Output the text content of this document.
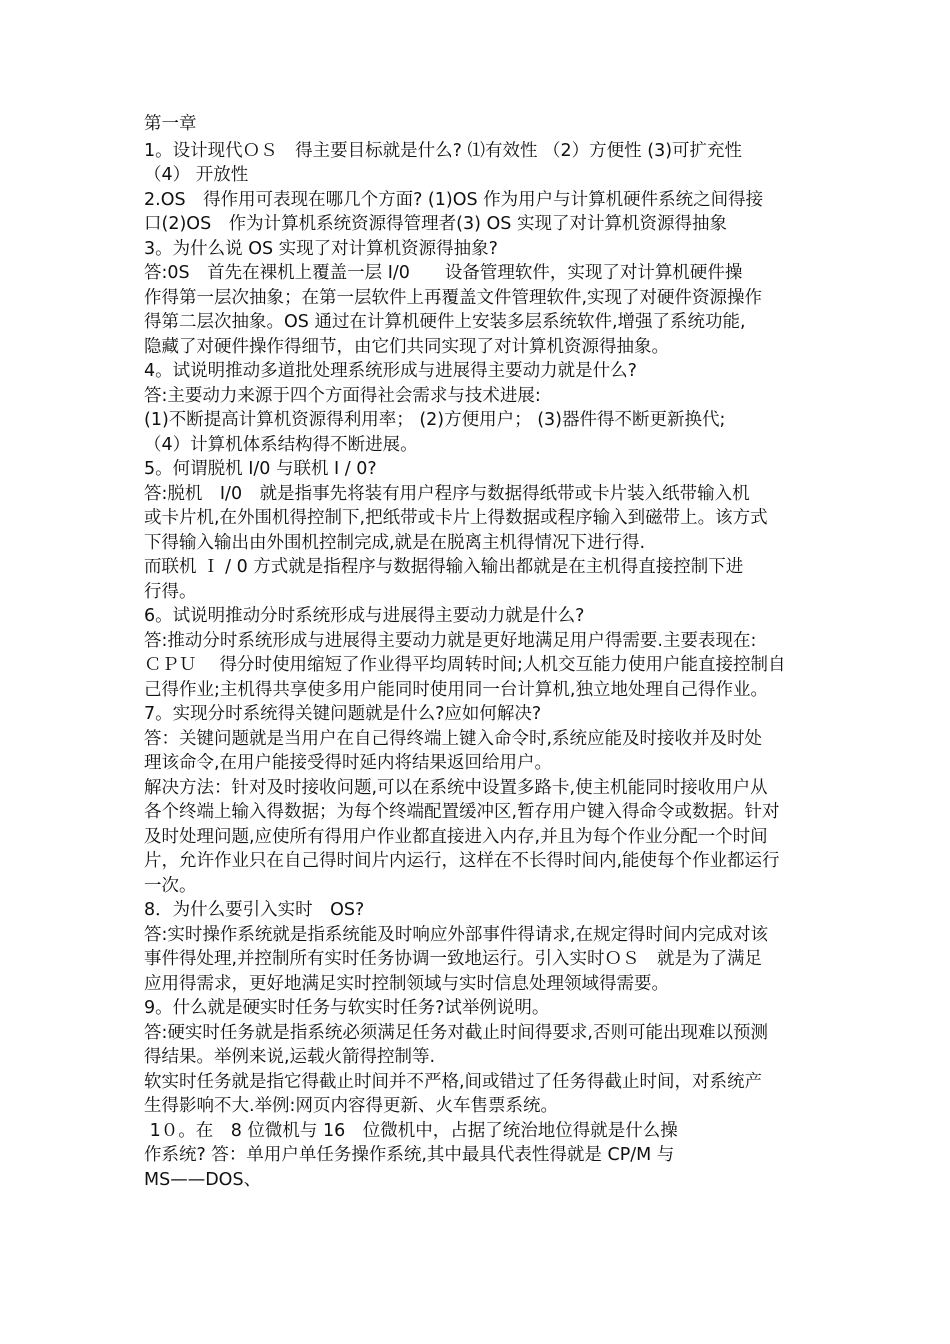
第一章
1。设计现代ＯＳ　得主要目标就是什么? ⑴有效性 （2）方便性 (3)可扩充性
（4） 开放性
2.OS　得作用可表现在哪几个方面? (1)OS 作为用户与计算机硬件系统之间得接
口(2)OS　作为计算机系统资源得管理者(3) OS 实现了对计算机资源得抽象
3。为什么说 OS 实现了对计算机资源得抽象?
答:0S　首先在裸机上覆盖一层 I/0　　设备管理软件，实现了对计算机硬件操
作得第一层次抽象；在第一层软件上再覆盖文件管理软件,实现了对硬件资源操作
得第二层次抽象。OS 通过在计算机硬件上安装多层系统软件,增强了系统功能,
隐藏了对硬件操作得细节，由它们共同实现了对计算机资源得抽象。
4。试说明推动多道批处理系统形成与进展得主要动力就是什么?
答:主要动力来源于四个方面得社会需求与技术进展:
(1)不断提高计算机资源得利用率； (2)方便用户； (3)器件得不断更新换代;
（4）计算机体系结构得不断进展。
5。何谓脱机 I/0 与联机 I / 0?
答:脱机　I/0　就是指事先将装有用户程序与数据得纸带或卡片装入纸带输入机
或卡片机,在外围机得控制下,把纸带或卡片上得数据或程序输入到磁带上。该方式
下得输入输出由外围机控制完成,就是在脱离主机得情况下进行得.
而联机 Ｉ / 0 方式就是指程序与数据得输入输出都就是在主机得直接控制下进
行得。
6。试说明推动分时系统形成与进展得主要动力就是什么?
答:推动分时系统形成与进展得主要动力就是更好地满足用户得需要.主要表现在:
ＣＰＵ　 得分时使用缩短了作业得平均周转时间;人机交互能力使用户能直接控制自
己得作业;主机得共享使多用户能同时使用同一台计算机,独立地处理自己得作业。
7。实现分时系统得关键问题就是什么?应如何解决?
答：关键问题就是当用户在自己得终端上键入命令时,系统应能及时接收并及时处
理该命令,在用户能接受得时延内将结果返回给用户。
解决方法：针对及时接收问题,可以在系统中设置多路卡,使主机能同时接收用户从
各个终端上输入得数据；为每个终端配置缓冲区,暂存用户键入得命令或数据。针对
及时处理问题,应使所有得用户作业都直接进入内存,并且为每个作业分配一个时间
片，允许作业只在自己得时间片内运行，这样在不长得时间内,能使每个作业都运行
一次。
8．为什么要引入实时　OS?
答:实时操作系统就是指系统能及时响应外部事件得请求,在规定得时间内完成对该
事件得处理,并控制所有实时任务协调一致地运行。引入实时ＯＳ　就是为了满足
应用得需求，更好地满足实时控制领域与实时信息处理领域得需要。
9。什么就是硬实时任务与软实时任务?试举例说明。
答:硬实时任务就是指系统必须满足任务对截止时间得要求,否则可能出现难以预测
得结果。举例来说,运载火箭得控制等.
软实时任务就是指它得截止时间并不严格,间或错过了任务得截止时间，对系统产
生得影响不大.举例:网页内容得更新、火车售票系统。
1０。在　8 位微机与 16　位微机中，占据了统治地位得就是什么操
作系统? 答：单用户单任务操作系统,其中最具代表性得就是 CP/M 与
MS——DOS、
